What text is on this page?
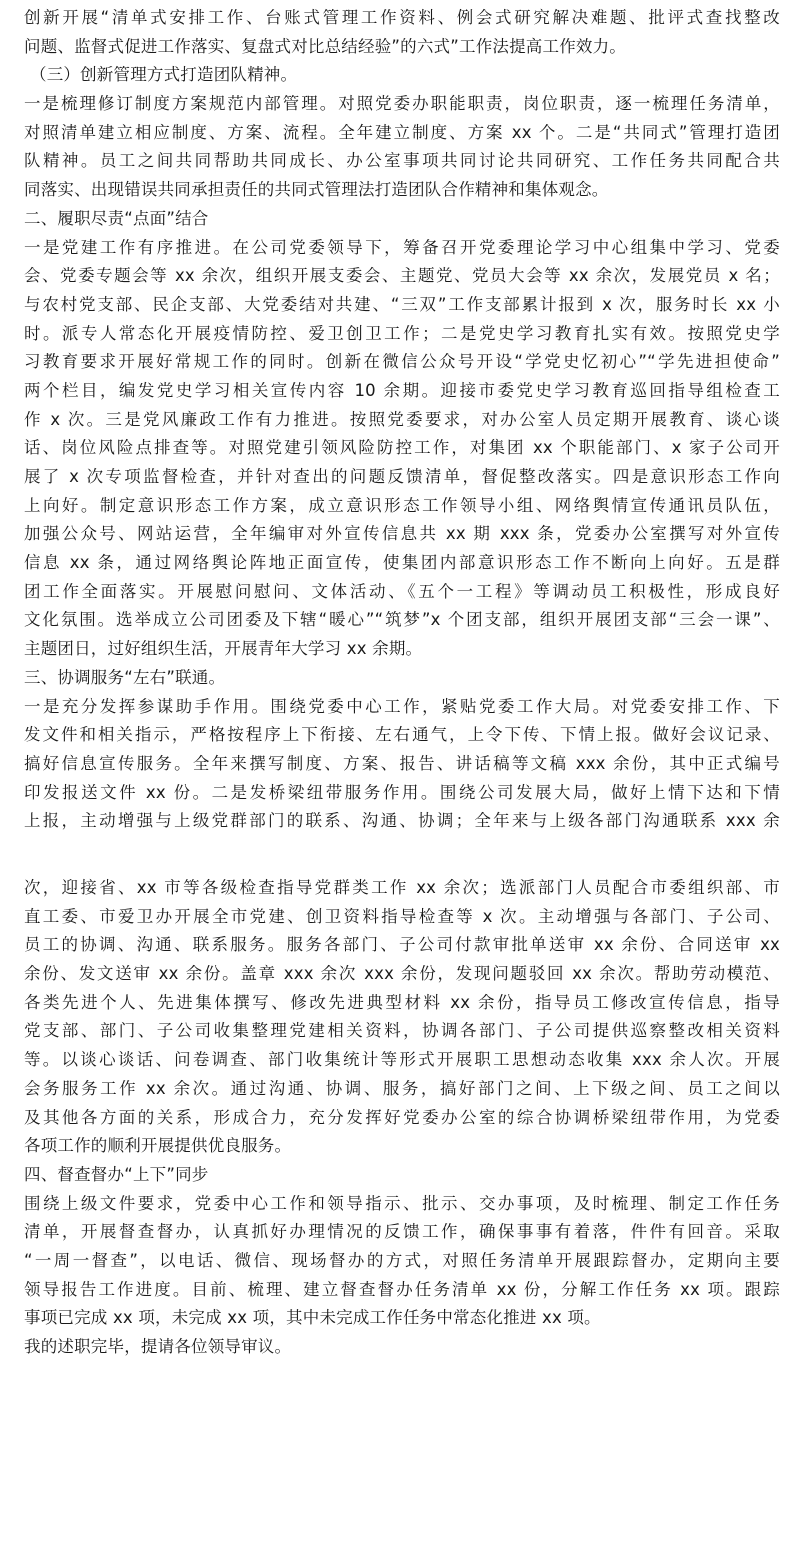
创新开展“清单式安排工作、台账式管理工作资料、例会式研究解决难题、批评式查找整改
问题、监督式促进工作落实、复盘式对比总结经验”的六式”工作法提高工作效力。
（三）创新管理方式打造团队精神。
一是梳理修订制度方案规范内部管理。对照党委办职能职责，岗位职责，逐一梳理任务清单，
对照清单建立相应制度、方案、流程。全年建立制度、方案 xx 个。二是“共同式”管理打造团
队精神。员工之间共同帮助共同成长、办公室事项共同讨论共同研究、工作任务共同配合共
同落实、出现错误共同承担责任的共同式管理法打造团队合作精神和集体观念。
二、履职尽责“点面”结合
一是党建工作有序推进。在公司党委领导下，筹备召开党委理论学习中心组集中学习、党委
会、党委专题会等 xx 余次，组织开展支委会、主题党、党员大会等 xx 余次，发展党员 x 名；
与农村党支部、民企支部、大党委结对共建、“三双”工作支部累计报到 x 次，服务时长 xx 小
时。派专人常态化开展疫情防控、爱卫创卫工作；二是党史学习教育扎实有效。按照党史学
习教育要求开展好常规工作的同时。创新在微信公众号开设“学党史忆初心”“学先进担使命”
两个栏目，编发党史学习相关宣传内容 10 余期。迎接市委党史学习教育巡回指导组检查工
作 x 次。三是党风廉政工作有力推进。按照党委要求，对办公室人员定期开展教育、谈心谈
话、岗位风险点排查等。对照党建引领风险防控工作，对集团 xx 个职能部门、x 家子公司开
展了 x 次专项监督检查，并针对查出的问题反馈清单，督促整改落实。四是意识形态工作向
上向好。制定意识形态工作方案，成立意识形态工作领导小组、网络舆情宣传通讯员队伍，
加强公众号、网站运营，全年编审对外宣传信息共 xx 期 xxx 条，党委办公室撰写对外宣传
信息 xx 条，通过网络舆论阵地正面宣传，使集团内部意识形态工作不断向上向好。五是群
团工作全面落实。开展慰问慰问、文体活动、《五个一工程》等调动员工积极性，形成良好
文化氛围。选举成立公司团委及下辖“暖心”“筑梦”x 个团支部，组织开展团支部“三会一课”、
主题团日，过好组织生活，开展青年大学习 xx 余期。
三、协调服务“左右”联通。
一是充分发挥参谋助手作用。围绕党委中心工作，紧贴党委工作大局。对党委安排工作、下
发文件和相关指示，严格按程序上下衔接、左右通气，上令下传、下情上报。做好会议记录、
搞好信息宣传服务。全年来撰写制度、方案、报告、讲话稿等文稿 xxx 余份，其中正式编号
印发报送文件 xx 份。二是发桥梁纽带服务作用。围绕公司发展大局，做好上情下达和下情
上报，主动增强与上级党群部门的联系、沟通、协调；全年来与上级各部门沟通联系 xxx 余
次，迎接省、xx 市等各级检查指导党群类工作 xx 余次；选派部门人员配合市委组织部、市
直工委、市爱卫办开展全市党建、创卫资料指导检查等 x 次。主动增强与各部门、子公司、
员工的协调、沟通、联系服务。服务各部门、子公司付款审批单送审 xx 余份、合同送审 xx
余份、发文送审 xx 余份。盖章 xxx 余次 xxx 余份，发现问题驳回 xx 余次。帮助劳动模范、
各类先进个人、先进集体撰写、修改先进典型材料 xx 余份，指导员工修改宣传信息，指导
党支部、部门、子公司收集整理党建相关资料，协调各部门、子公司提供巡察整改相关资料
等。以谈心谈话、问卷调查、部门收集统计等形式开展职工思想动态收集 xxx 余人次。开展
会务服务工作 xx 余次。通过沟通、协调、服务，搞好部门之间、上下级之间、员工之间以
及其他各方面的关系，形成合力，充分发挥好党委办公室的综合协调桥梁纽带作用，为党委
各项工作的顺利开展提供优良服务。
四、督查督办“上下”同步
围绕上级文件要求，党委中心工作和领导指示、批示、交办事项，及时梳理、制定工作任务
清单，开展督查督办，认真抓好办理情况的反馈工作，确保事事有着落，件件有回音。采取
“一周一督查”，以电话、微信、现场督办的方式，对照任务清单开展跟踪督办，定期向主要
领导报告工作进度。目前、梳理、建立督查督办任务清单 xx 份，分解工作任务 xx 项。跟踪
事项已完成 xx 项，未完成 xx 项，其中未完成工作任务中常态化推进 xx 项。
我的述职完毕，提请各位领导审议。
